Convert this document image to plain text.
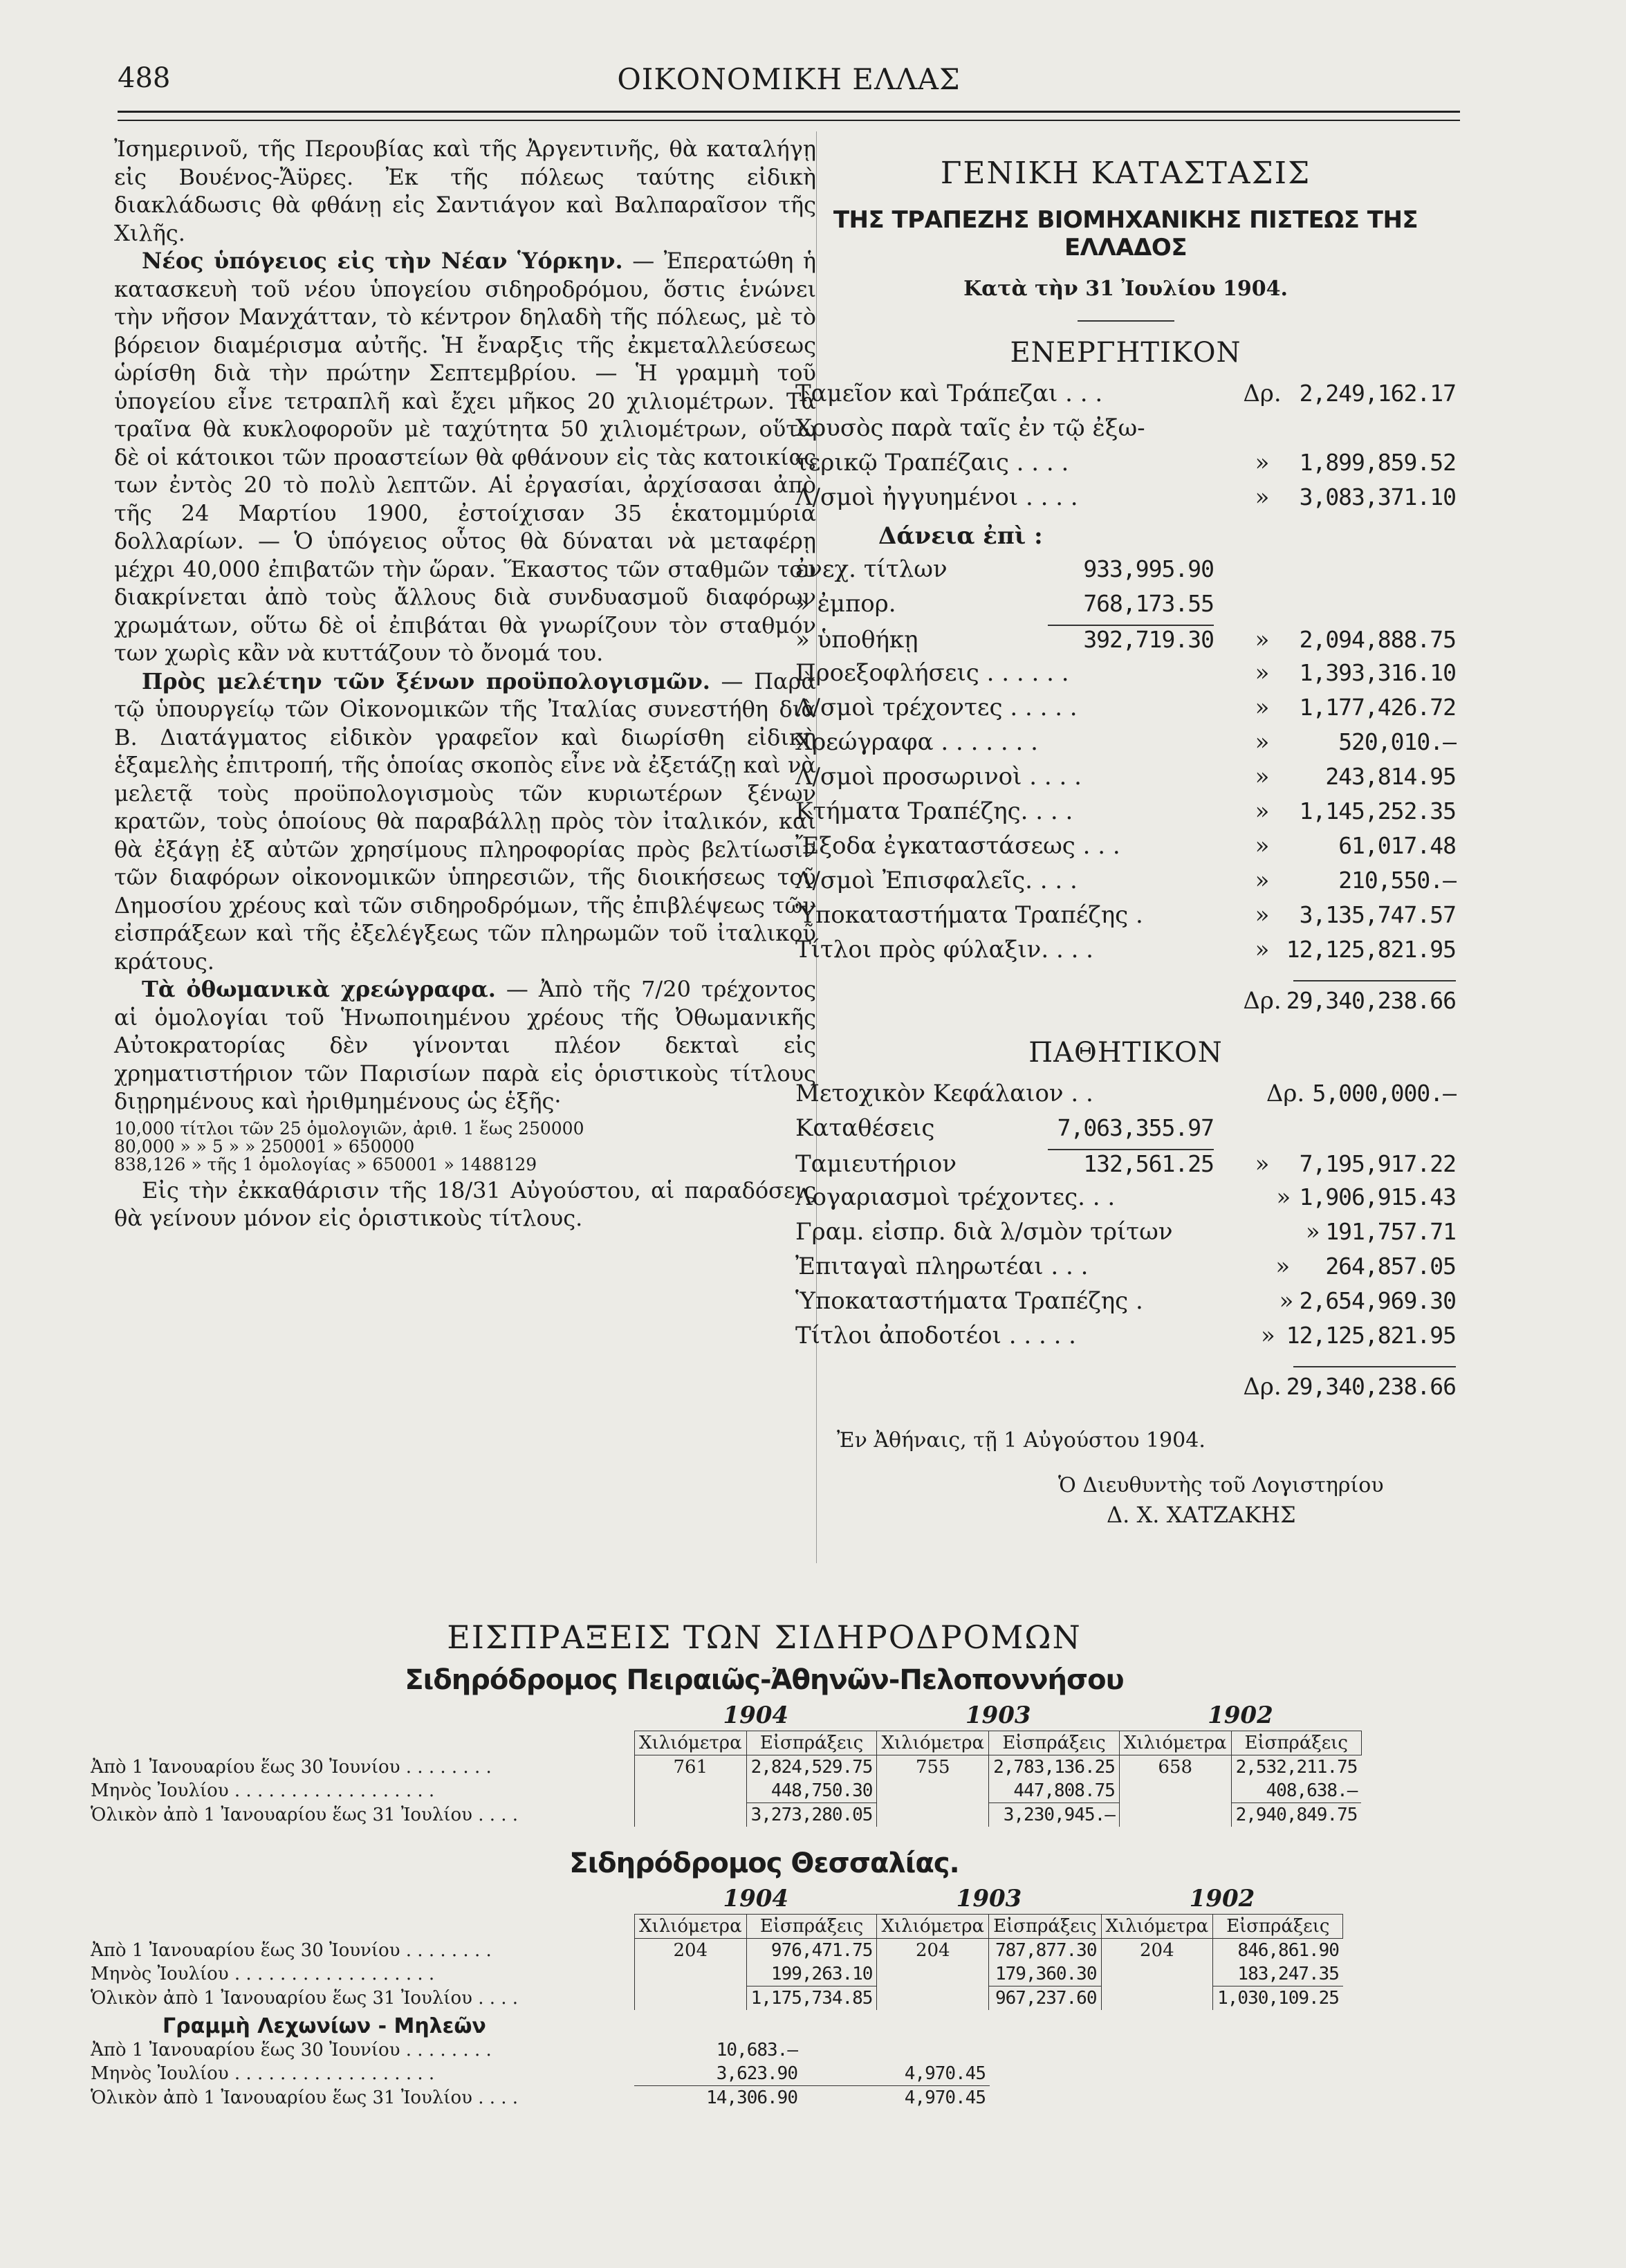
488	ΟΙΚΟΝΟΜΙΚΗ ΕΛΛΑΣ

Ἰσημερινοῦ, τῆς Περουβίας καὶ τῆς Ἀργεντινῆς, θὰ καταλήγῃ εἰς Βουένος-Ἄϋρες. Ἐκ τῆς πόλεως ταύτης εἰδικὴ διακλάδωσις θὰ φθάνῃ εἰς Σαντιάγον καὶ Βαλπαραῖσον τῆς Χιλῆς.

Νέος ὑπόγειος εἰς τὴν Νέαν Ὑόρκην. — Ἐπερατώθη ἡ κατασκευὴ τοῦ νέου ὑπογείου σιδηροδρόμου, ὅστις ἑνώνει τὴν νῆσον Μανχάτταν, τὸ κέντρον δηλαδὴ τῆς πόλεως, μὲ τὸ βόρειον διαμέρισμα αὐτῆς. Ἡ ἔναρξις τῆς ἐκμεταλλεύσεως ὡρίσθη διὰ τὴν πρώτην Σεπτεμβρίου. — Ἡ γραμμὴ τοῦ ὑπογείου εἶνε τετραπλῆ καὶ ἔχει μῆκος 20 χιλιομέτρων. Τὰ τραῖνα θὰ κυκλοφοροῦν μὲ ταχύτητα 50 χιλιομέτρων, οὕτω δὲ οἱ κάτοικοι τῶν προαστείων θὰ φθάνουν εἰς τὰς κατοικίας των ἐντὸς 20 τὸ πολὺ λεπτῶν. Αἱ ἐργασίαι, ἀρχίσασαι ἀπὸ τῆς 24 Μαρτίου 1900, ἐστοίχισαν 35 ἑκατομμύρια δολλαρίων. — Ὁ ὑπόγειος οὗτος θὰ δύναται νὰ μεταφέρῃ μέχρι 40,000 ἐπιβατῶν τὴν ὥραν. Ἕκαστος τῶν σταθμῶν του διακρίνεται ἀπὸ τοὺς ἄλλους διὰ συνδυασμοῦ διαφόρων χρωμάτων, οὕτω δὲ οἱ ἐπιβάται θὰ γνωρίζουν τὸν σταθμόν των χωρὶς κἂν νὰ κυττάζουν τὸ ὄνομά του.

Πρὸς μελέτην τῶν ξένων προϋπολογισμῶν. — Παρὰ τῷ ὑπουργείῳ τῶν Οἰκονομικῶν τῆς Ἰταλίας συνεστήθη διὰ Β. Διατάγματος εἰδικὸν γραφεῖον καὶ διωρίσθη εἰδικὴ ἑξαμελὴς ἐπιτροπή, τῆς ὁποίας σκοπὸς εἶνε νὰ ἐξετάζῃ καὶ νὰ μελετᾷ τοὺς προϋπολογισμοὺς τῶν κυριωτέρων ξένων κρατῶν, τοὺς ὁποίους θὰ παραβάλλῃ πρὸς τὸν ἰταλικόν, καὶ θὰ ἐξάγῃ ἐξ αὐτῶν χρησίμους πληροφορίας πρὸς βελτίωσιν τῶν διαφόρων οἰκονομικῶν ὑπηρεσιῶν, τῆς διοικήσεως τοῦ Δημοσίου χρέους καὶ τῶν σιδηροδρόμων, τῆς ἐπιβλέψεως τῶν εἰσπράξεων καὶ τῆς ἐξελέγξεως τῶν πληρωμῶν τοῦ ἰταλικοῦ κράτους.

Τὰ ὀθωμανικὰ χρεώγραφα. — Ἀπὸ τῆς 7/20 τρέχοντος αἱ ὁμολογίαι τοῦ Ἡνωποιημένου χρέους τῆς Ὀθωμανικῆς Αὐτοκρατορίας δὲν γίνονται πλέον δεκταὶ εἰς χρηματιστήριον τῶν Παρισίων παρὰ εἰς ὁριστικοὺς τίτλους διῃρημένους καὶ ἠριθμημένους ὡς ἑξῆς·

10,000 τίτλοι τῶν 25 ὁμολογιῶν, ἀριθ. 1 ἕως 250000
80,000 » » 5 » » 250001 » 650000
838,126 » τῆς 1 ὁμολογίας » 650001 » 1488129

Εἰς τὴν ἐκκαθάρισιν τῆς 18/31 Αὐγούστου, αἱ παραδόσεις θὰ γείνουν μόνον εἰς ὁριστικοὺς τίτλους.

ΓΕΝΙΚΗ ΚΑΤΑΣΤΑΣΙΣ
ΤΗΣ ΤΡΑΠΕΖΗΣ ΒΙΟΜΗΧΑΝΙΚΗΣ ΠΙΣΤΕΩΣ ΤΗΣ ΕΛΛΑΔΟΣ
Κατὰ τὴν 31 Ἰουλίου 1904.
ΕΝΕΡΓΗΤΙΚΟΝ
Ταμεῖον καὶ Τράπεζαι . . .	Δρ. 2,249,162.17
Χρυσὸς παρὰ ταῖς ἐν τῷ ἐξω-
τερικῷ Τραπέζαις . . . .	»	1,899,859.52
Λ/σμοὶ ἠγγυημένοι . . . .	»	3,083,371.10
Δάνεια ἐπὶ :
ἐνεχ. τίτλων	933,995.90
» ἐμπορ.	768,173.55
» ὑποθήκῃ	392,719.30	»	2,094,888.75
Προεξοφλήσεις . . . . . .	»	1,393,316.10
Λ/σμοὶ τρέχοντες . . . . .	»	1,177,426.72
Χρεώγραφα . . . . . . .	»	520,010.—
Λ/σμοὶ προσωρινοὶ . . . .	»	243,814.95
Κτήματα Τραπέζης. . . .	»	1,145,252.35
Ἔξοδα ἐγκαταστάσεως . . .	»	61,017.48
Λ/σμοὶ Ἐπισφαλεῖς. . . .	»	210,550.—
Ὑποκαταστήματα Τραπέζης .	»	3,135,747.57
Τίτλοι πρὸς φύλαξιν. . . .	» 12,125,821.95
Δρ. 29,340,238.66
ΠΑΘΗΤΙΚΟΝ
Μετοχικὸν Κεφάλαιον . .	Δρ. 5,000,000.—
Καταθέσεις	7,063,355.97
Ταμιευτήριον	132,561.25	»	7,195,917.22
Λογαριασμοὶ τρέχοντες. . .	» 1,906,915.43
Γραμ. εἰσπρ. διὰ λ/σμὸν τρίτων	» 191,757.71
Ἐπιταγαὶ πληρωτέαι . . .	»	264,857.05
Ὑποκαταστήματα Τραπέζης .	» 2,654,969.30
Τίτλοι ἀποδοτέοι . . . . .	» 12,125,821.95
Δρ. 29,340,238.66
Ἐν Ἀθήναις, τῇ 1 Αὐγούστου 1904.
Ὁ Διευθυντὴς τοῦ Λογιστηρίου
Δ. Χ. ΧΑΤΖΑΚΗΣ
ΕΙΣΠΡΑΞΕΙΣ ΤΩΝ ΣΙΔΗΡΟΔΡΟΜΩΝ
Σιδηρόδρομος Πειραιῶς-Ἀθηνῶν-Πελοποννήσου
	1904		1903		1902	
	Χιλιόμετρα	Εἰσπράξεις	Χιλιόμετρα	Εἰσπράξεις	Χιλιόμετρα	Εἰσπράξεις
Ἀπὸ 1 Ἰανουαρίου ἕως 30 Ἰουνίου . . . . . . . .	761	2,824,529.75	755	2,783,136.25	658	2,532,211.75
Μηνὸς Ἰουλίου . . . . . . . . . . . . . . . . . .		448,750.30		447,808.75		408,638.—
Ὁλικὸν ἀπὸ 1 Ἰανουαρίου ἕως 31 Ἰουλίου . . . .		3,273,280.05		3,230,945.—		2,940,849.75
Σιδηρόδρομος Θεσσαλίας.
	1904		1903		1902	
	Χιλιόμετρα	Εἰσπράξεις	Χιλιόμετρα	Εἰσπράξεις	Χιλιόμετρα	Εἰσπράξεις
Ἀπὸ 1 Ἰανουαρίου ἕως 30 Ἰουνίου . . . . . . . .	204	976,471.75	204	787,877.30	204	846,861.90
Μηνὸς Ἰουλίου . . . . . . . . . . . . . . . . . .		199,263.10		179,360.30		183,247.35
Ὁλικὸν ἀπὸ 1 Ἰανουαρίου ἕως 31 Ἰουλίου . . . .		1,175,734.85		967,237.60		1,030,109.25
Γραμμὴ Λεχωνίων - Μηλεῶν
Ἀπὸ 1 Ἰανουαρίου ἕως 30 Ἰουνίου . . . . . . . .	10,683.—	
Μηνὸς Ἰουλίου . . . . . . . . . . . . . . . . . .	3,623.90	4,970.45
Ὁλικὸν ἀπὸ 1 Ἰανουαρίου ἕως 31 Ἰουλίου . . . .	14,306.90	4,970.45
